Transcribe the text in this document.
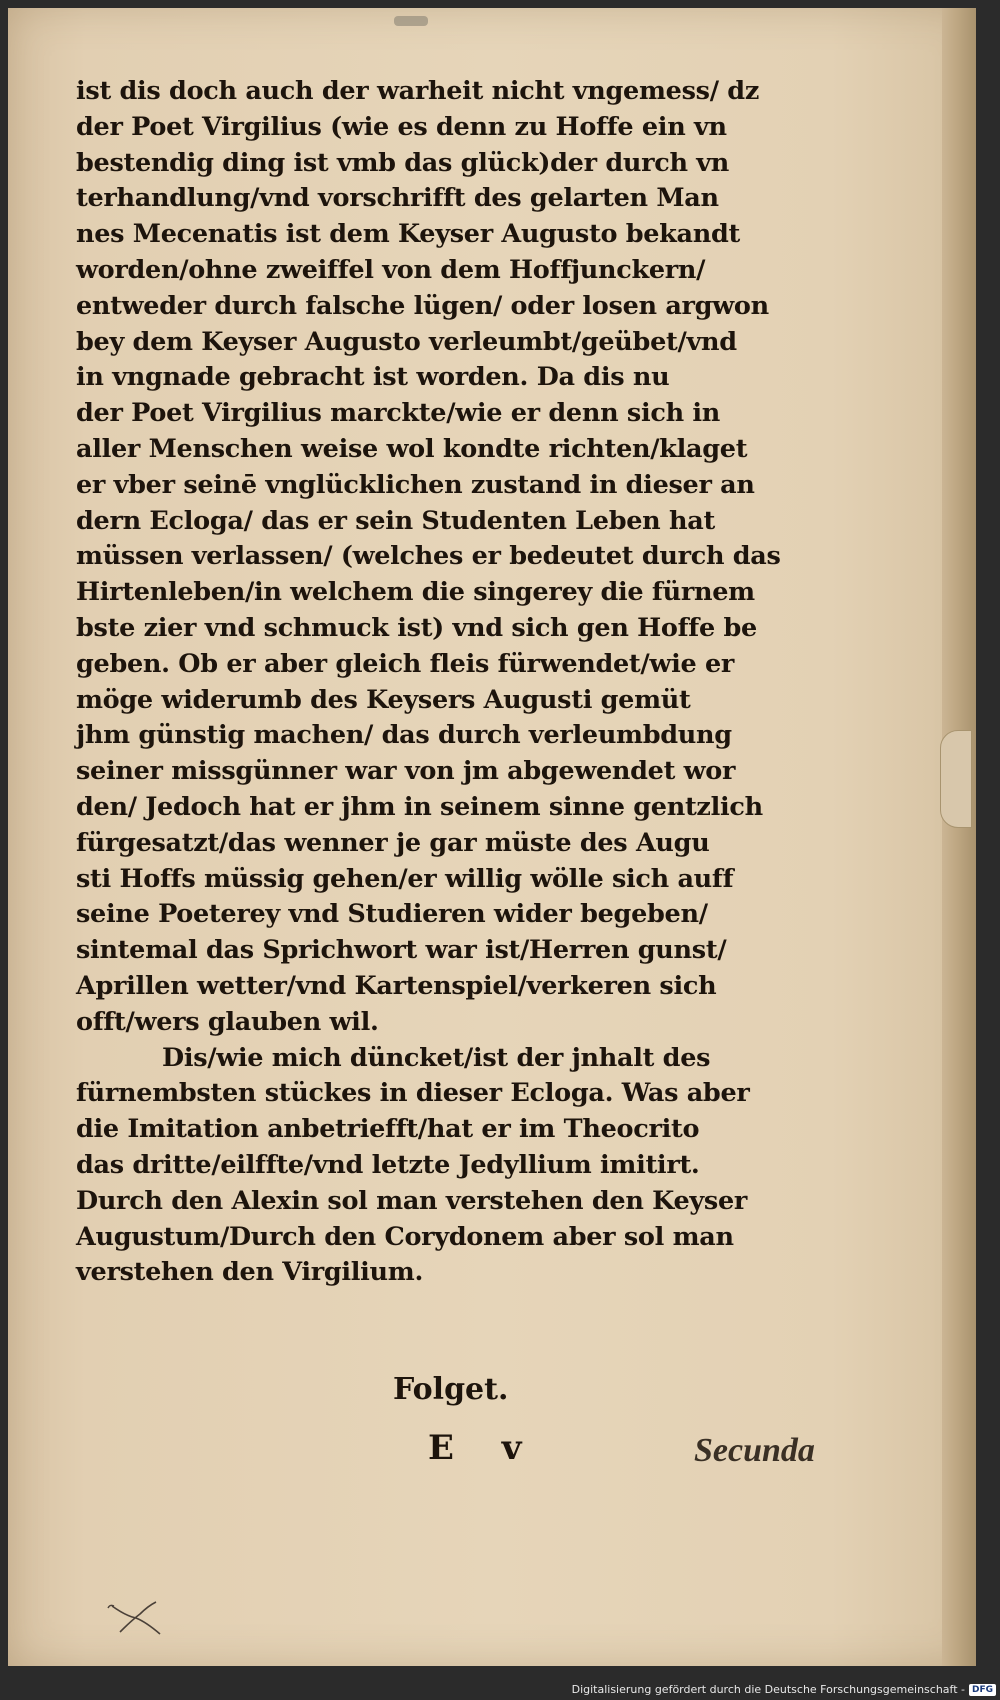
ist dis doch auch der warheit nicht vngemess/ dz
der Poet Virgilius (wie es denn zu Hoffe ein vn
bestendig ding ist vmb das glück)der durch vn
terhandlung/vnd vorschrifft des gelarten Man
nes Mecenatis ist dem Keyser Augusto bekandt
worden/ohne zweiffel von dem Hoffjunckern/
entweder durch falsche lügen/ oder losen argwon
bey dem Keyser Augusto verleumbt/geübet/vnd
in vngnade gebracht ist worden. Da dis nu
der Poet Virgilius marckte/wie er denn sich in
aller Menschen weise wol kondte richten/klaget
er vber seinē vnglücklichen zustand in dieser an
dern Ecloga/ das er sein Studenten Leben hat
müssen verlassen/ (welches er bedeutet durch das
Hirtenleben/in welchem die singerey die fürnem
bste zier vnd schmuck ist) vnd sich gen Hoffe be
geben. Ob er aber gleich fleis fürwendet/wie er
möge widerumb des Keysers Augusti gemüt
jhm günstig machen/ das durch verleumbdung
seiner missgünner war von jm abgewendet wor
den/ Jedoch hat er jhm in seinem sinne gentzlich
fürgesatzt/das wenner je gar müste des Augu
sti Hoffs müssig gehen/er willig wölle sich auff
seine Poeterey vnd Studieren wider begeben/
sintemal das Sprichwort war ist/Herren gunst/
Aprillen wetter/vnd Kartenspiel/verkeren sich
offt/wers glauben wil.
Dis/wie mich düncket/ist der jnhalt des
fürnembsten stückes in dieser Ecloga. Was aber
die Imitation anbetriefft/hat er im Theocrito
das dritte/eilffte/vnd letzte Jedyllium imitirt.
Durch den Alexin sol man verstehen den Keyser
Augustum/Durch den Corydonem aber sol man
verstehen den Virgilium.
Folget.
E v	Secunda
Digitalisierung gefördert durch die Deutsche Forschungsgemeinschaft - DFG
